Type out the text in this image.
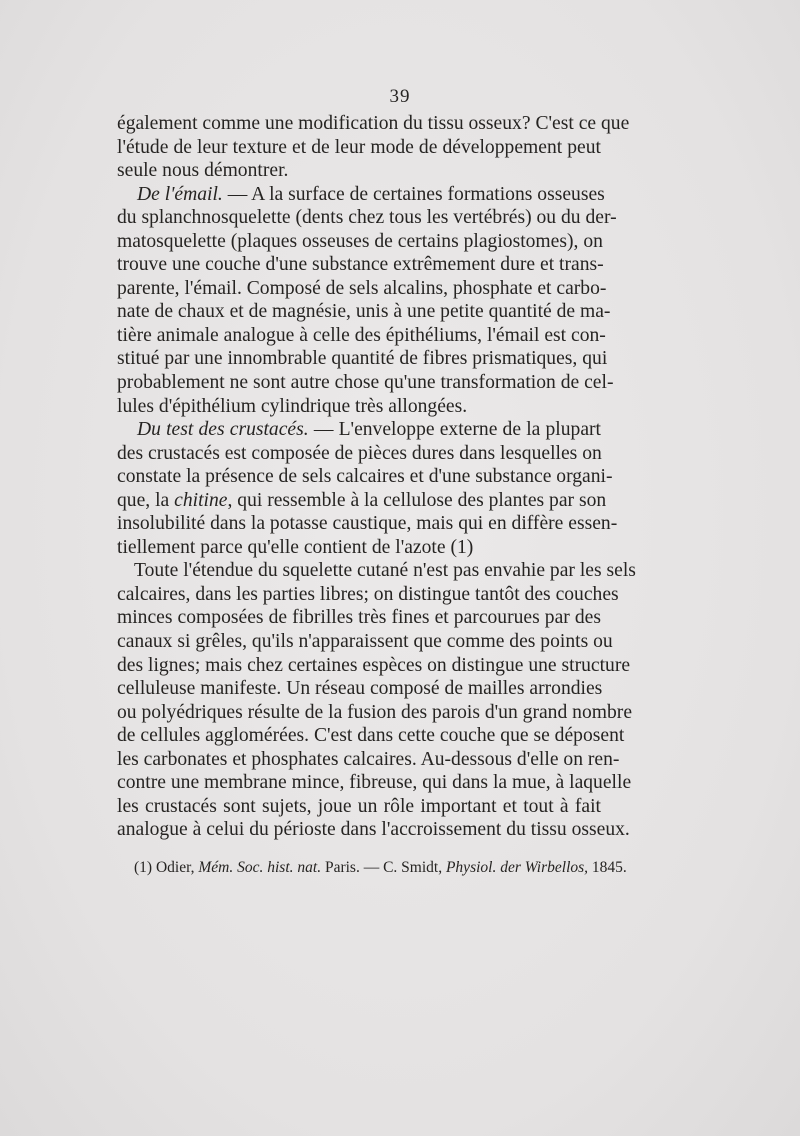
39
également comme une modification du tissu osseux? C'est ce que
l'étude de leur texture et de leur mode de développement peut
seule nous démontrer.
De l'émail. — A la surface de certaines formations osseuses
du splanchnosquelette (dents chez tous les vertébrés) ou du der-
matosquelette (plaques osseuses de certains plagiostomes), on
trouve une couche d'une substance extrêmement dure et trans-
parente, l'émail. Composé de sels alcalins, phosphate et carbo-
nate de chaux et de magnésie, unis à une petite quantité de ma-
tière animale analogue à celle des épithéliums, l'émail est con-
stitué par une innombrable quantité de fibres prismatiques, qui
probablement ne sont autre chose qu'une transformation de cel-
lules d'épithélium cylindrique très allongées.
Du test des crustacés. — L'enveloppe externe de la plupart
des crustacés est composée de pièces dures dans lesquelles on
constate la présence de sels calcaires et d'une substance organi-
que, la chitine, qui ressemble à la cellulose des plantes par son
insolubilité dans la potasse caustique, mais qui en diffère essen-
tiellement parce qu'elle contient de l'azote (1)
Toute l'étendue du squelette cutané n'est pas envahie par les sels
calcaires, dans les parties libres; on distingue tantôt des couches
minces composées de fibrilles très fines et parcourues par des
canaux si grêles, qu'ils n'apparaissent que comme des points ou
des lignes; mais chez certaines espèces on distingue une structure
celluleuse manifeste. Un réseau composé de mailles arrondies
ou polyédriques résulte de la fusion des parois d'un grand nombre
de cellules agglomérées. C'est dans cette couche que se déposent
les carbonates et phosphates calcaires. Au-dessous d'elle on ren-
contre une membrane mince, fibreuse, qui dans la mue, à laquelle
les crustacés sont sujets, joue un rôle important et tout à fait
analogue à celui du périoste dans l'accroissement du tissu osseux.
(1) Odier, Mém. Soc. hist. nat. Paris. — C. Smidt, Physiol. der Wirbellos, 1845.
